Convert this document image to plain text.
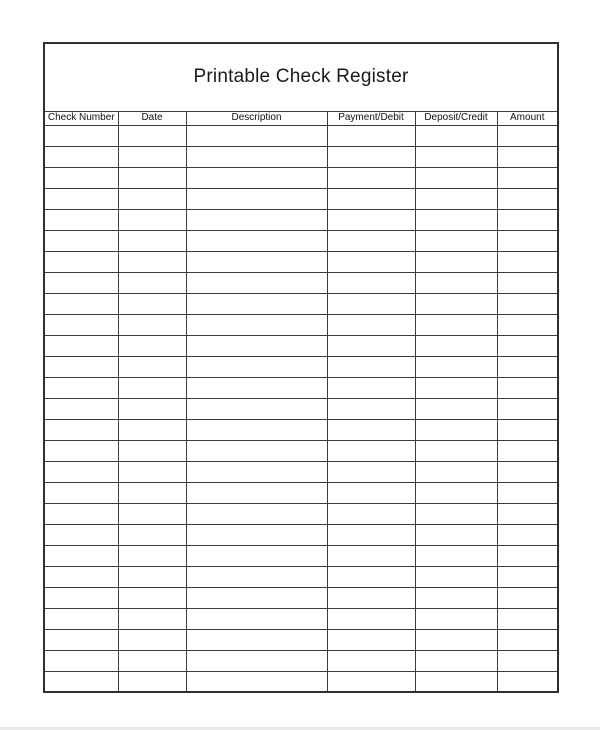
Printable Check Register					
Check Number	Date	Description	Payment/Debit	Deposit/Credit	Amount
